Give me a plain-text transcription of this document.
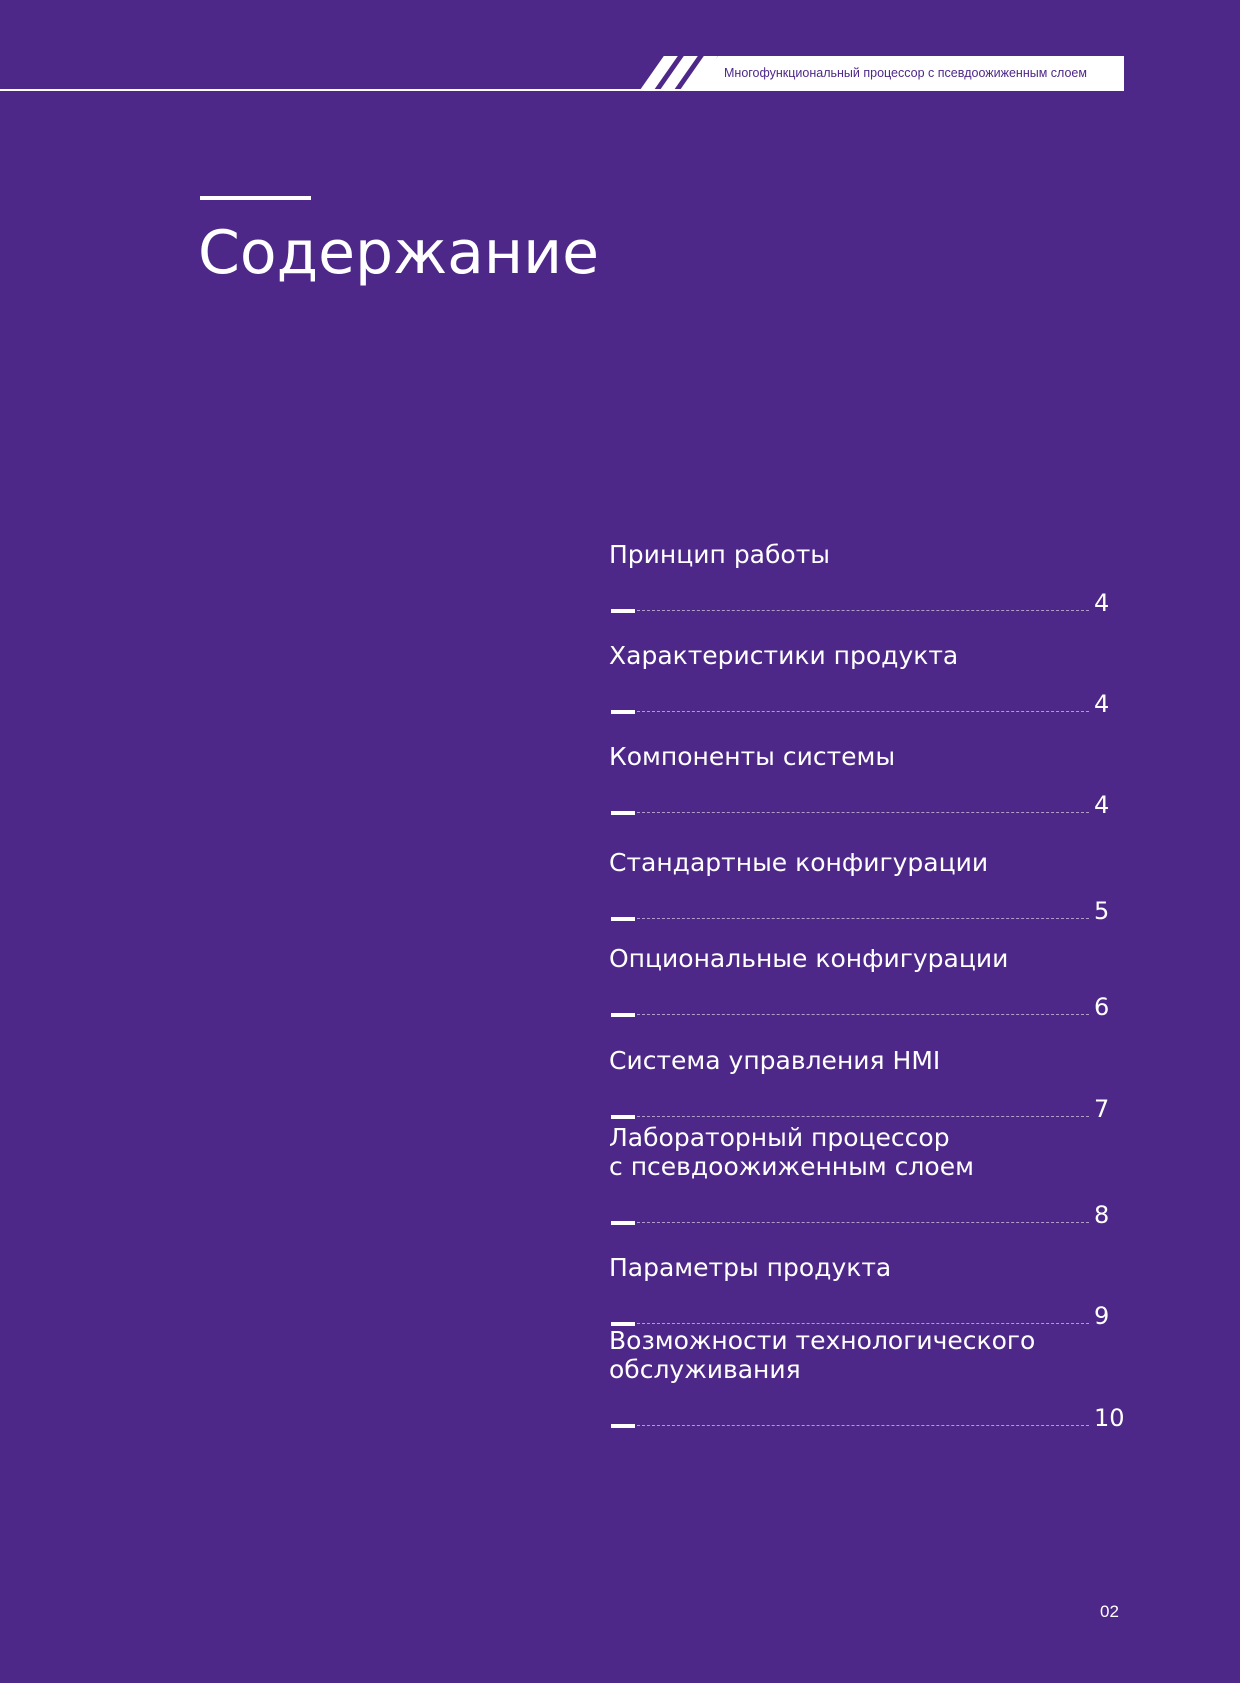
Многофункциональный процессор с псевдоожиженным слоем
Содержание
Принцип работы
4
Характеристики продукта
4
Компоненты системы
4
Стандартные конфигурации
5
Опциональные конфигурации
6
Система управления HMI
7
Лабораторный процессор
с псевдоожиженным слоем
8
Параметры продукта
9
Возможности технологического
обслуживания
10
02
